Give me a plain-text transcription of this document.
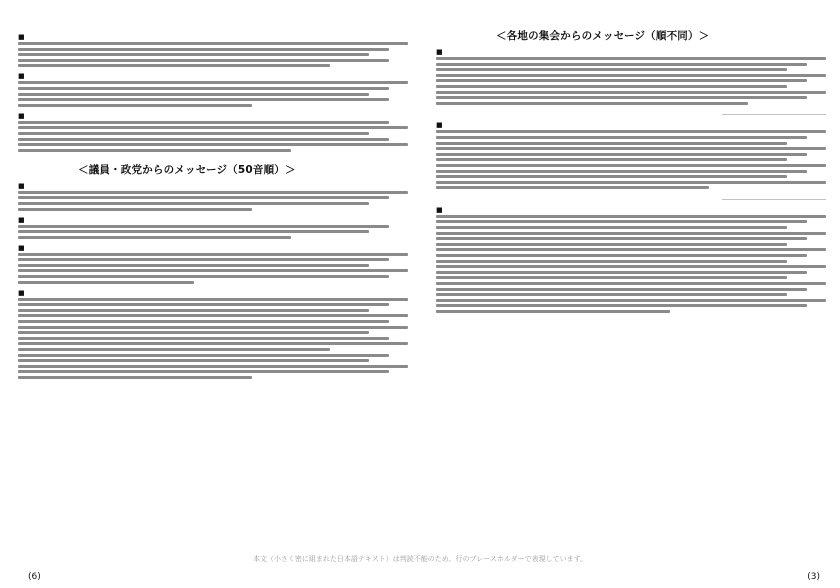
■
■
■
＜議員・政党からのメッセージ（50音順）＞
■
■
■
■
(6)
＜各地の集会からのメッセージ（順不同）＞
■
＿＿＿＿＿＿＿＿＿＿＿＿＿＿＿＿
■
＿＿＿＿＿＿＿＿＿＿＿＿＿＿＿＿
■
(3)
本文（小さく密に組まれた日本語テキスト）は判読不能のため、行のプレースホルダーで表現しています。
